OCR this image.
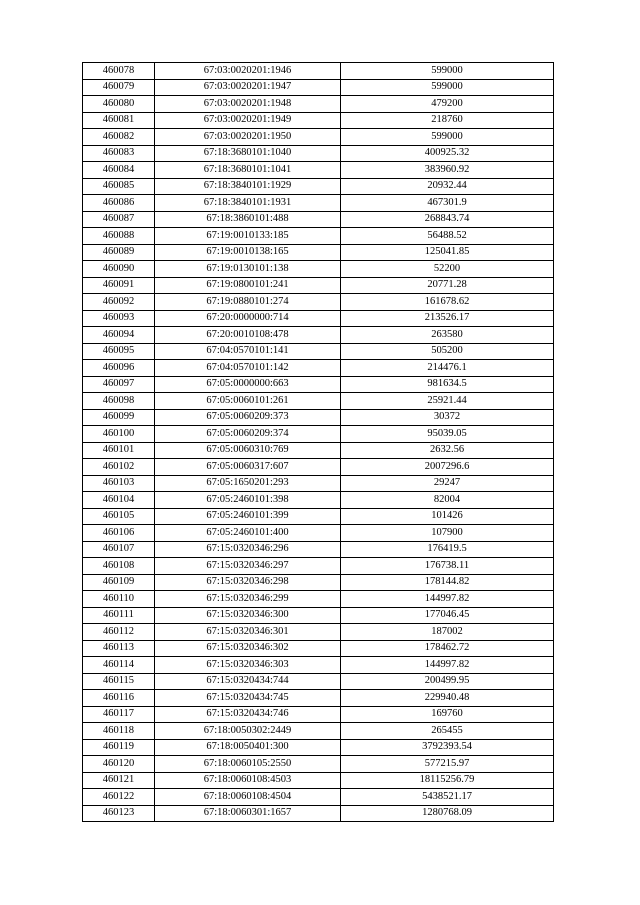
460078	67:03:0020201:1946	599000
460079	67:03:0020201:1947	599000
460080	67:03:0020201:1948	479200
460081	67:03:0020201:1949	218760
460082	67:03:0020201:1950	599000
460083	67:18:3680101:1040	400925.32
460084	67:18:3680101:1041	383960.92
460085	67:18:3840101:1929	20932.44
460086	67:18:3840101:1931	467301.9
460087	67:18:3860101:488	268843.74
460088	67:19:0010133:185	56488.52
460089	67:19:0010138:165	125041.85
460090	67:19:0130101:138	52200
460091	67:19:0800101:241	20771.28
460092	67:19:0880101:274	161678.62
460093	67:20:0000000:714	213526.17
460094	67:20:0010108:478	263580
460095	67:04:0570101:141	505200
460096	67:04:0570101:142	214476.1
460097	67:05:0000000:663	981634.5
460098	67:05:0060101:261	25921.44
460099	67:05:0060209:373	30372
460100	67:05:0060209:374	95039.05
460101	67:05:0060310:769	2632.56
460102	67:05:0060317:607	2007296.6
460103	67:05:1650201:293	29247
460104	67:05:2460101:398	82004
460105	67:05:2460101:399	101426
460106	67:05:2460101:400	107900
460107	67:15:0320346:296	176419.5
460108	67:15:0320346:297	176738.11
460109	67:15:0320346:298	178144.82
460110	67:15:0320346:299	144997.82
460111	67:15:0320346:300	177046.45
460112	67:15:0320346:301	187002
460113	67:15:0320346:302	178462.72
460114	67:15:0320346:303	144997.82
460115	67:15:0320434:744	200499.95
460116	67:15:0320434:745	229940.48
460117	67:15:0320434:746	169760
460118	67:18:0050302:2449	265455
460119	67:18:0050401:300	3792393.54
460120	67:18:0060105:2550	577215.97
460121	67:18:0060108:4503	18115256.79
460122	67:18:0060108:4504	5438521.17
460123	67:18:0060301:1657	1280768.09
